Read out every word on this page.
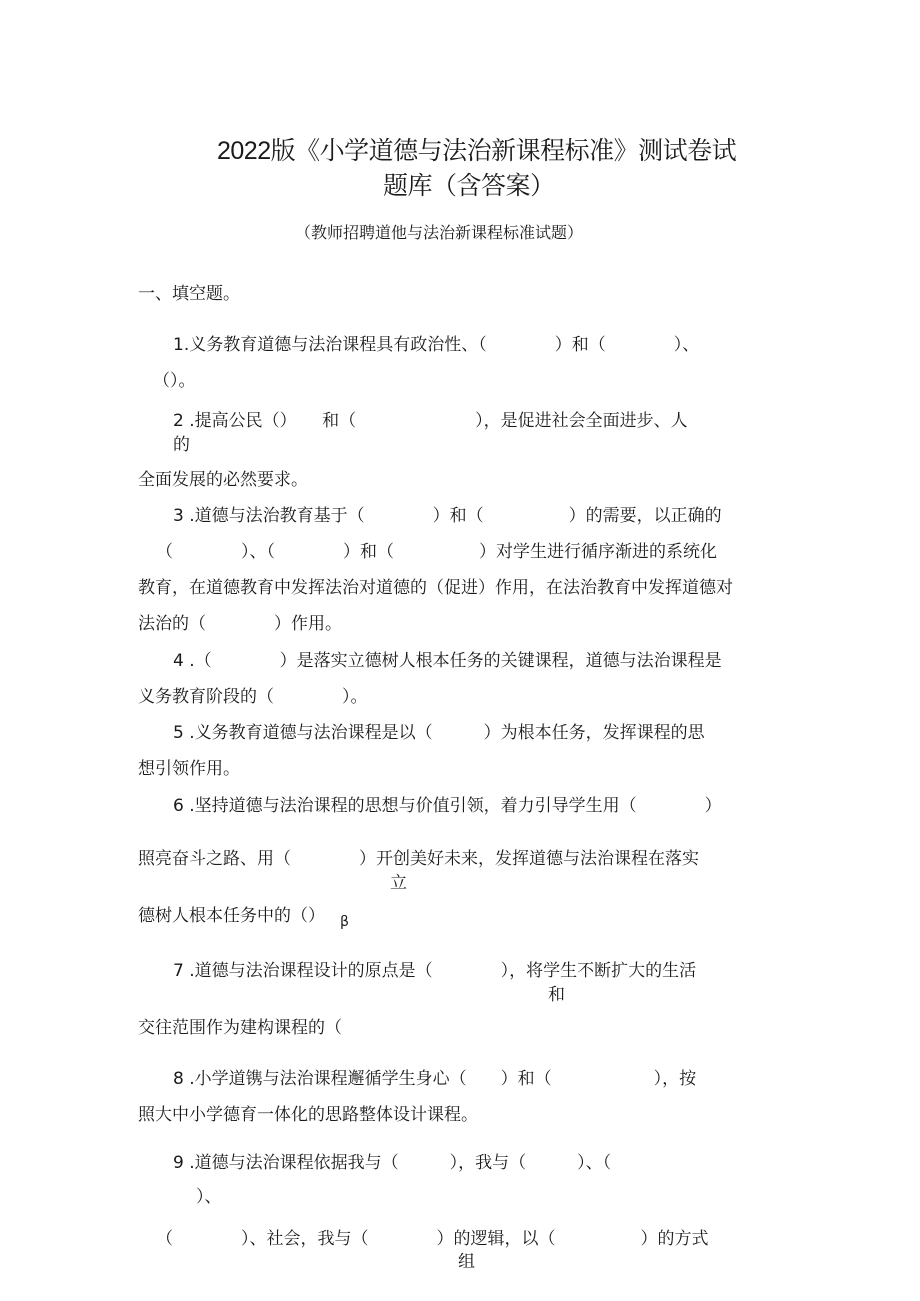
2022版《小学道德与法治新课程标准》测试卷试
题库（含答案）
（教师招聘道他与法治新课程标准试题）
一、填空题。
1.义务教育道德与法治课程具有政治性、（　　　　）和（　　　　）、
（）。
2 .提高公民（）　　和（　　　　　　　），是促进社会全面进步、人
的
全面发展的必然要求。
3 .道德与法治教育基于（　　　　）和（　　　　　）的需要，以正确的
（　　　　）、（　　　　）和（　　　　　）对学生进行循序渐进的系统化
教育，在道德教育中发挥法治对道德的（促进）作用，在法治教育中发挥道德对
法治的（　　　　）作用。
4 .（　　　　）是落实立德树人根本任务的关键课程，道德与法治课程是
义务教育阶段的（　　　　）。
5 .义务教育道德与法治课程是以（　　　）为根本任务，发挥课程的思
想引领作用。
6 .坚持道德与法治课程的思想与价值引领，着力引导学生用（　　　　）
照亮奋斗之路、用（　　　　）开创美好未来，发挥道德与法治课程在落实
立
德树人根本任务中的（） β
7 .道德与法治课程设计的原点是（　　　　），将学生不断扩大的生活
和
交往范围作为建构课程的（
8 .小学道镌与法治课程邂循学生身心（　　）和（　　　　　　），按
照大中小学德育一体化的思路整体设计课程。
9 .道德与法治课程依据我与（　　　），我与（　　　）、（
）、
（　　　　）、社会，我与（　　　　）的逻辑，以（　　　　　）的方式
组
